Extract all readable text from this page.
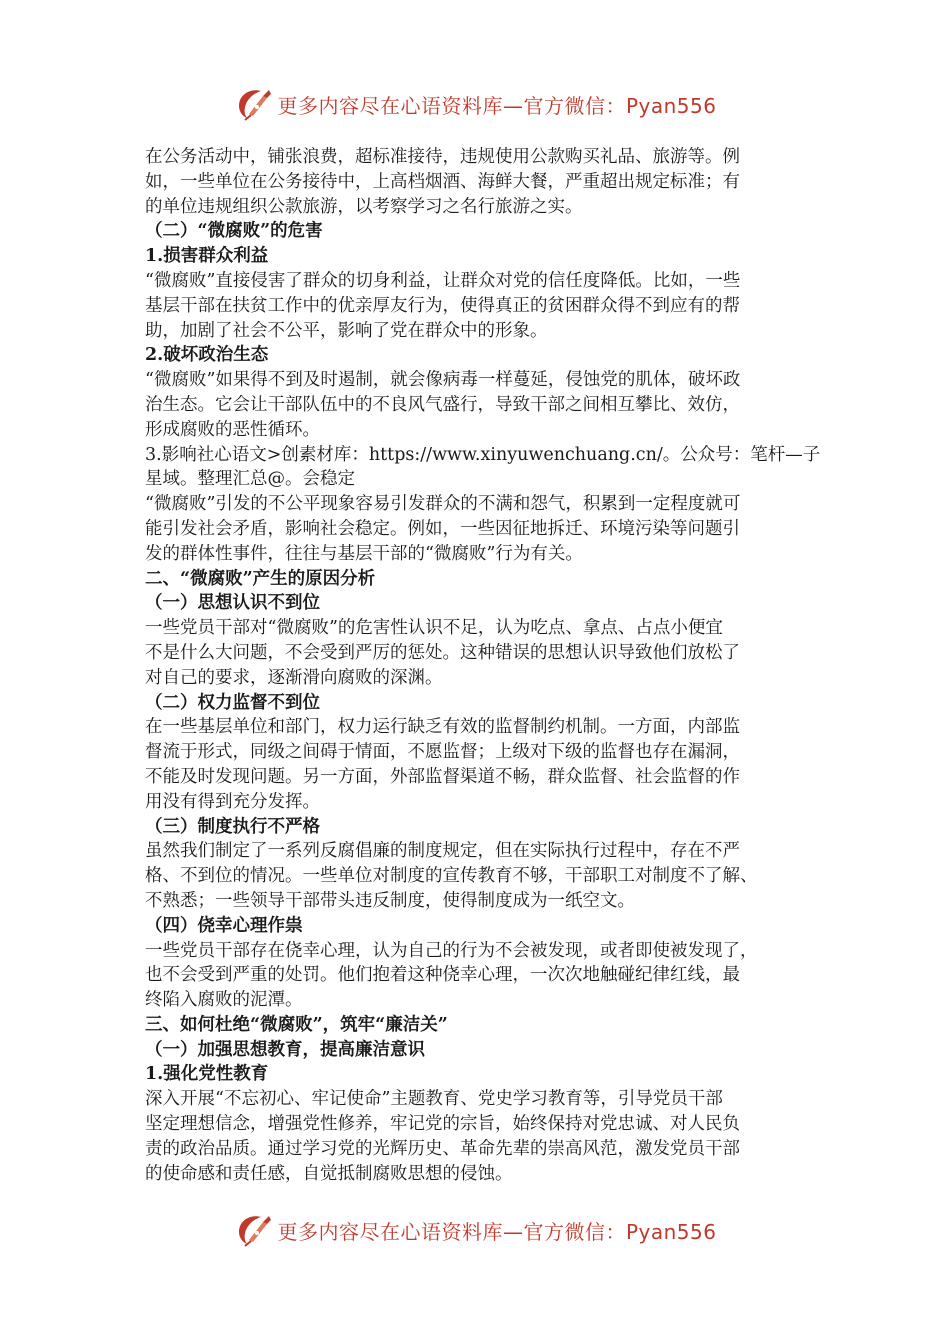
更多内容尽在心语资料库—官方微信：Pyan556
在公务活动中，铺张浪费，超标准接待，违规使用公款购买礼品、旅游等。例
如，一些单位在公务接待中，上高档烟酒、海鲜大餐，严重超出规定标准；有
的单位违规组织公款旅游，以考察学习之名行旅游之实。
（二）“微腐败”的危害
1.损害群众利益
“微腐败”直接侵害了群众的切身利益，让群众对党的信任度降低。比如，一些
基层干部在扶贫工作中的优亲厚友行为，使得真正的贫困群众得不到应有的帮
助，加剧了社会不公平，影响了党在群众中的形象。
2.破坏政治生态
“微腐败”如果得不到及时遏制，就会像病毒一样蔓延，侵蚀党的肌体，破坏政
治生态。它会让干部队伍中的不良风气盛行，导致干部之间相互攀比、效仿，
形成腐败的恶性循环。
3.影响社心语文>创素材库：https://www.xinyuwenchuang.cn/。公众号：笔杆—子
星域。整理汇总@。会稳定
“微腐败”引发的不公平现象容易引发群众的不满和怨气，积累到一定程度就可
能引发社会矛盾，影响社会稳定。例如，一些因征地拆迁、环境污染等问题引
发的群体性事件，往往与基层干部的“微腐败”行为有关。
二、“微腐败”产生的原因分析
（一）思想认识不到位
一些党员干部对“微腐败”的危害性认识不足，认为吃点、拿点、占点小便宜
不是什么大问题，不会受到严厉的惩处。这种错误的思想认识导致他们放松了
对自己的要求，逐渐滑向腐败的深渊。
（二）权力监督不到位
在一些基层单位和部门，权力运行缺乏有效的监督制约机制。一方面，内部监
督流于形式，同级之间碍于情面，不愿监督；上级对下级的监督也存在漏洞，
不能及时发现问题。另一方面，外部监督渠道不畅，群众监督、社会监督的作
用没有得到充分发挥。
（三）制度执行不严格
虽然我们制定了一系列反腐倡廉的制度规定，但在实际执行过程中，存在不严
格、不到位的情况。一些单位对制度的宣传教育不够，干部职工对制度不了解、
不熟悉；一些领导干部带头违反制度，使得制度成为一纸空文。
（四）侥幸心理作祟
一些党员干部存在侥幸心理，认为自己的行为不会被发现，或者即使被发现了，
也不会受到严重的处罚。他们抱着这种侥幸心理，一次次地触碰纪律红线，最
终陷入腐败的泥潭。
三、如何杜绝“微腐败”，筑牢“廉洁关”
（一）加强思想教育，提高廉洁意识
1.强化党性教育
深入开展“不忘初心、牢记使命”主题教育、党史学习教育等，引导党员干部
坚定理想信念，增强党性修养，牢记党的宗旨，始终保持对党忠诚、对人民负
责的政治品质。通过学习党的光辉历史、革命先辈的崇高风范，激发党员干部
的使命感和责任感，自觉抵制腐败思想的侵蚀。
更多内容尽在心语资料库—官方微信：Pyan556
